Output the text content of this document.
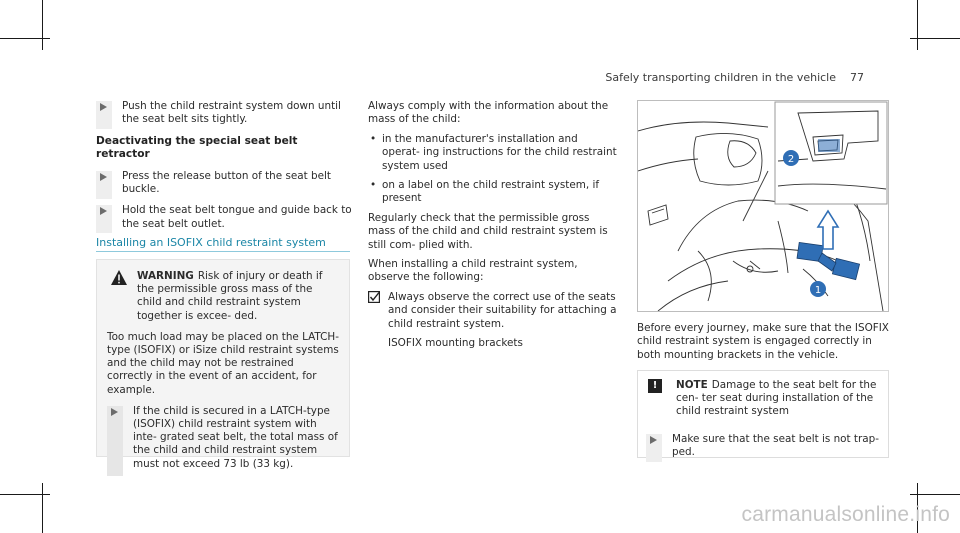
Safely transporting children in the vehicle 77
Push the child restraint system down until the seat belt sits tightly.
Deactivating the special seat belt retractor
Press the release button of the seat belt buckle.
Hold the seat belt tongue and guide back to the seat belt outlet.
Installing an ISOFIX child restraint system
WARNING Risk of injury or death if the permissible gross mass of the child and child restraint system together is excee- ded.

Too much load may be placed on the LATCH- type (ISOFIX) or iSize child restraint systems and the child may not be restrained correctly in the event of an accident, for example.

If the child is secured in a LATCH-type (ISOFIX) child restraint system with inte- grated seat belt, the total mass of the child and child restraint system must not exceed 73 lb (33 kg).

Always comply with the information about the mass of the child:

• in the manufacturer's installation and operat- ing instructions for the child restraint system used
• on a label on the child restraint system, if present

Regularly check that the permissible gross mass of the child and child restraint system is still com- plied with.

When installing a child restraint system, observe the following:

Always observe the correct use of the seats and consider their suitability for attaching a child restraint system.

ISOFIX mounting brackets

2
1
Before every journey, make sure that the ISOFIX child restraint system is engaged correctly in both mounting brackets in the vehicle.
!	NOTE Damage to the seat belt for the cen- ter seat during installation of the child restraint system
Make sure that the seat belt is not trap- ped.
carmanualsonline.info
